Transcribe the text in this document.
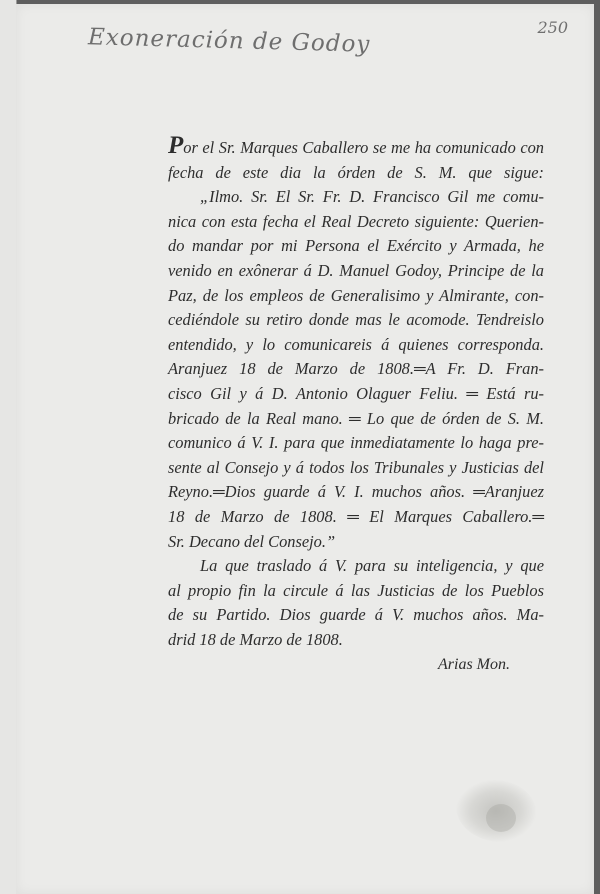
Exoneración de Godoy	250
Por el Sr. Marques Caballero se me ha comunicado con
fecha de este dia la órden de S. M. que sigue:
„Ilmo. Sr. El Sr. Fr. D. Francisco Gil me comu-
nica con esta fecha el Real Decreto siguiente: Querien-
do mandar por mi Persona el Exército y Armada, he
venido en exônerar á D. Manuel Godoy, Principe de la
Paz, de los empleos de Generalisimo y Almirante, con-
cediéndole su retiro donde mas le acomode. Tendreislo
entendido, y lo comunicareis á quienes corresponda.
Aranjuez 18 de Marzo de 1808.═A Fr. D. Fran-
cisco Gil y á D. Antonio Olaguer Feliu. ═ Está ru-
bricado de la Real mano. ═ Lo que de órden de S. M.
comunico á V. I. para que inmediatamente lo haga pre-
sente al Consejo y á todos los Tribunales y Justicias del
Reyno.═Dios guarde á V. I. muchos años. ═Aranjuez
18 de Marzo de 1808. ═ El Marques Caballero.═
Sr. Decano del Consejo.”
La que traslado á V. para su inteligencia, y que
al propio fin la circule á las Justicias de los Pueblos
de su Partido. Dios guarde á V. muchos años. Ma-
drid 18 de Marzo de 1808.
Arias Mon.
